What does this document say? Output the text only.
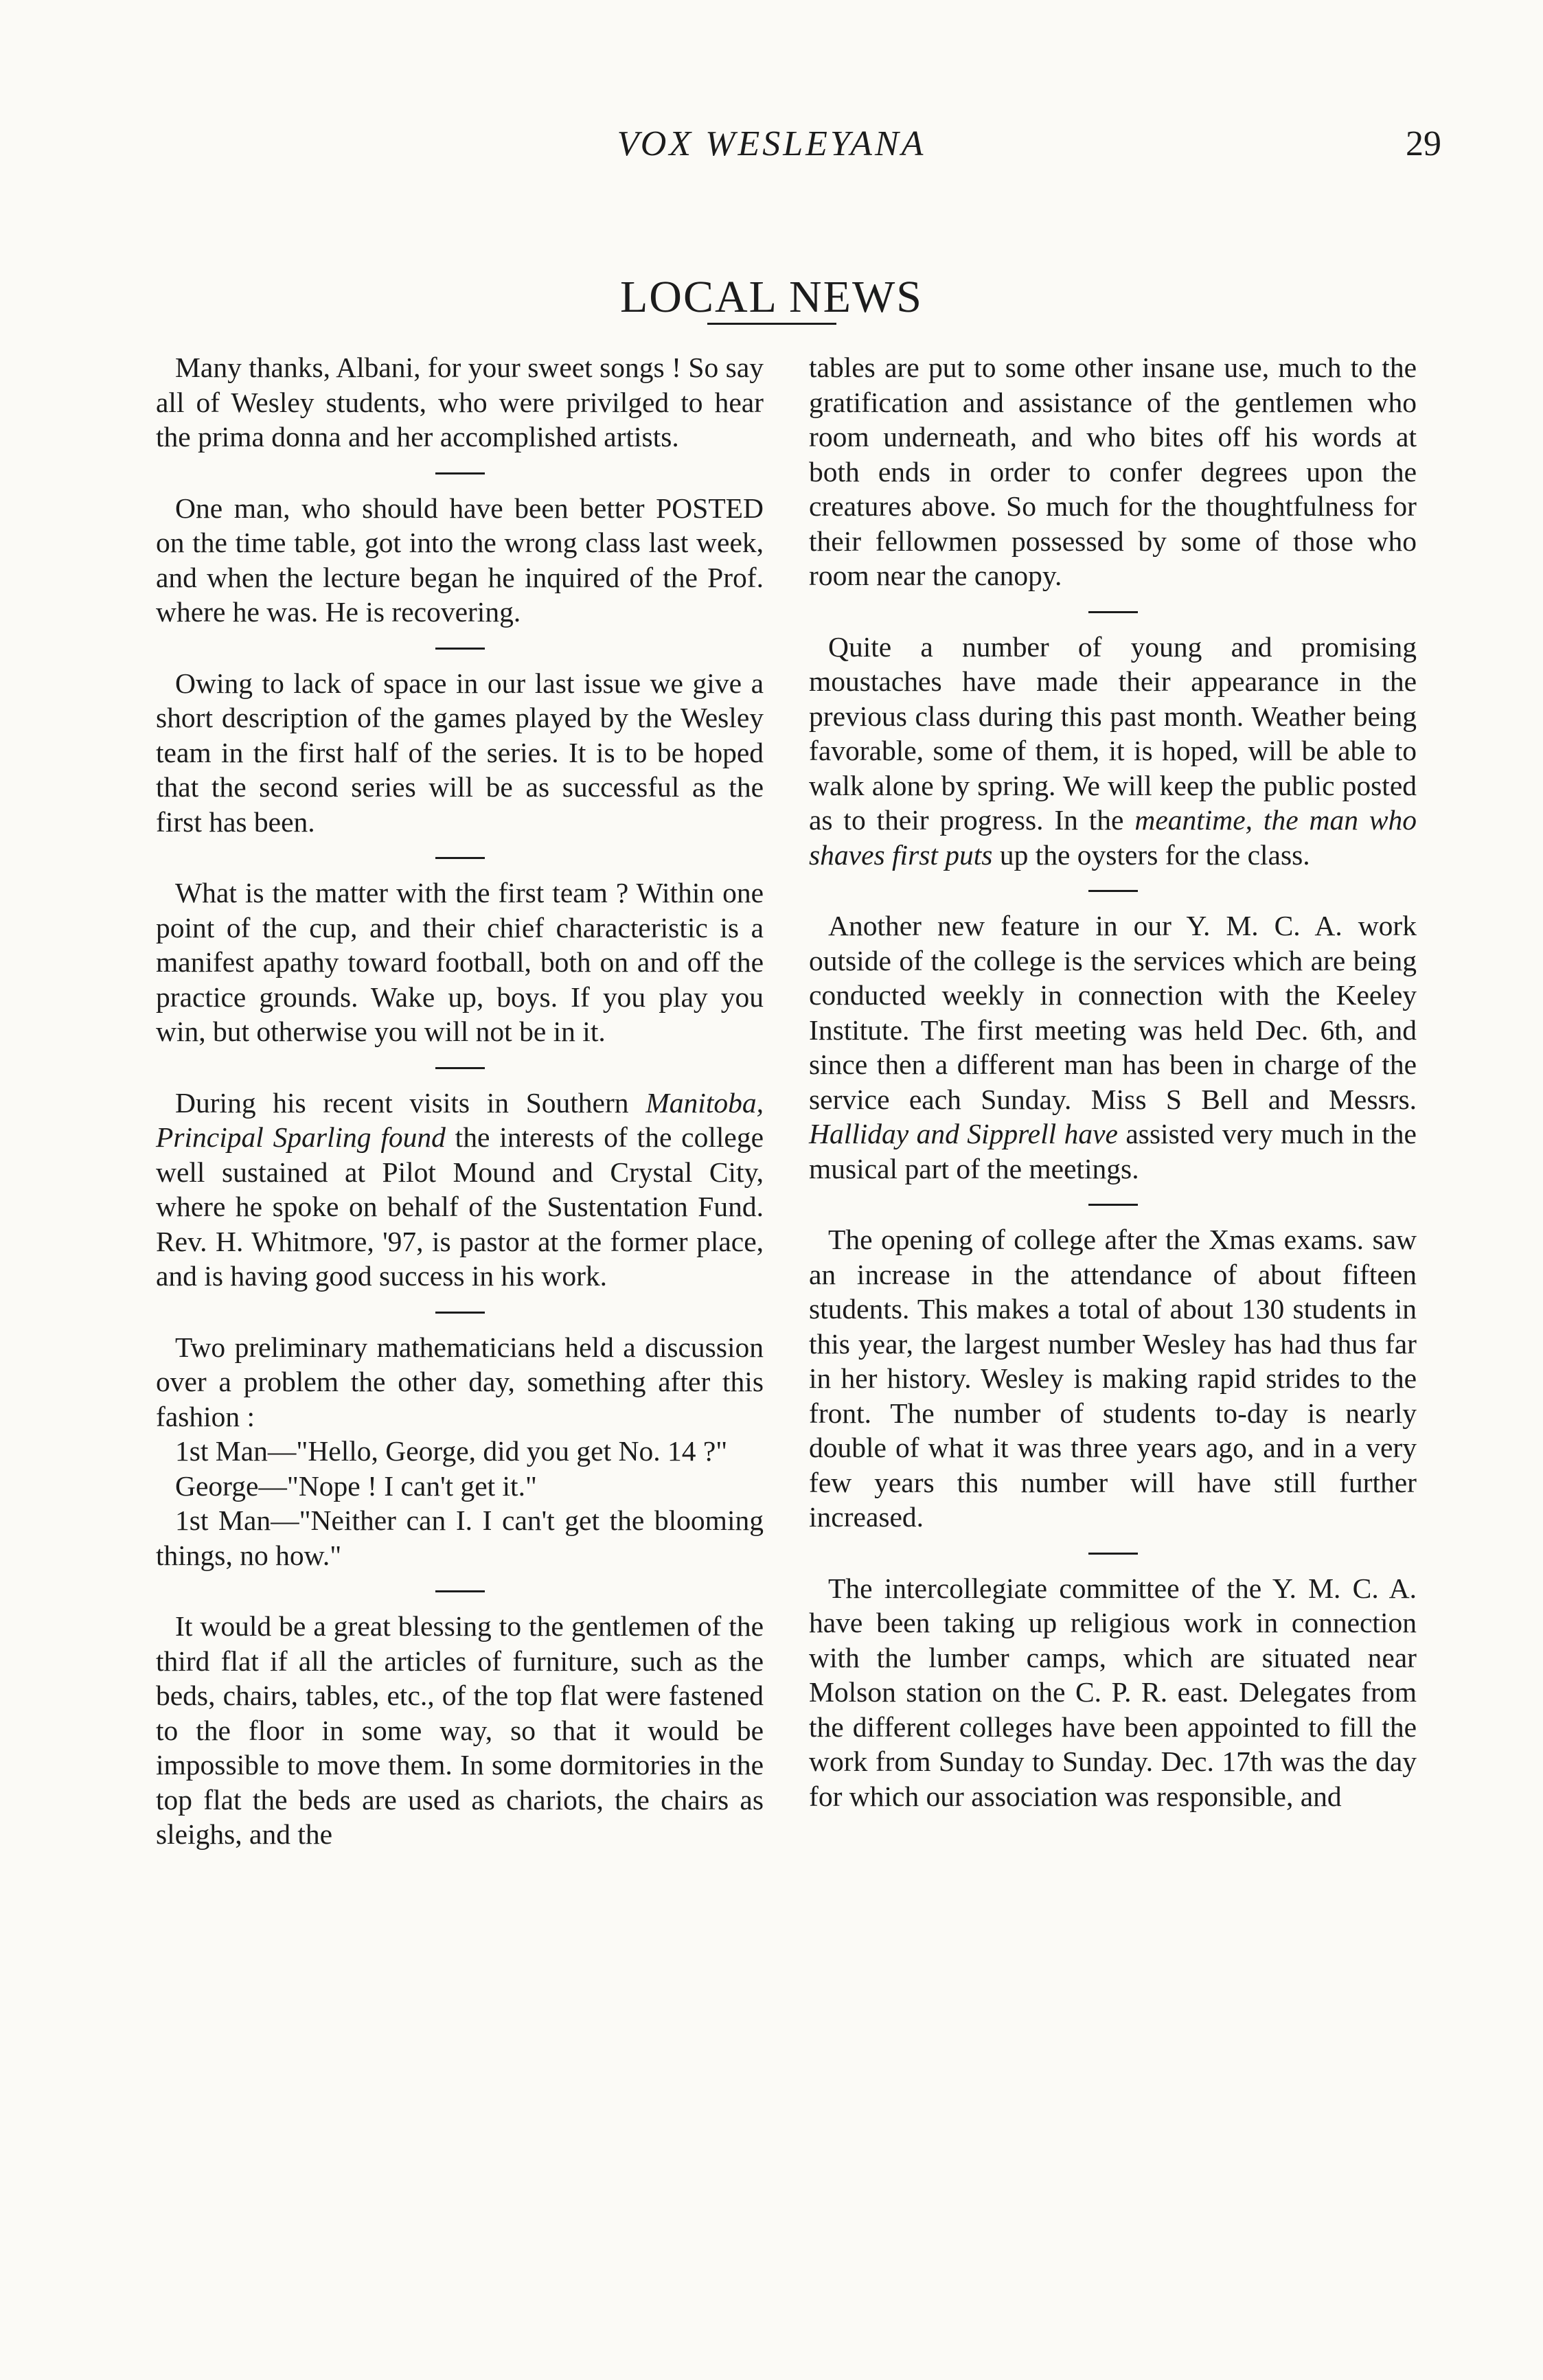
VOX WESLEYANA	29
LOCAL NEWS

Many thanks, Albani, for your sweet songs ! So say all of Wesley students, who were privilged to hear the prima donna and her accomplished artists.

One man, who should have been better POSTED on the time table, got into the wrong class last week, and when the lecture began he inquired of the Prof. where he was. He is recovering.

Owing to lack of space in our last issue we give a short description of the games played by the Wesley team in the first half of the series. It is to be hoped that the second series will be as successful as the first has been.

What is the matter with the first team ? Within one point of the cup, and their chief characteristic is a manifest apathy toward football, both on and off the practice grounds. Wake up, boys. If you play you win, but otherwise you will not be in it.

During his recent visits in Southern Manitoba, Principal Sparling found the interests of the college well sustained at Pilot Mound and Crystal City, where he spoke on behalf of the Sustentation Fund. Rev. H. Whitmore, '97, is pastor at the former place, and is having good success in his work.

Two preliminary mathematicians held a discussion over a problem the other day, something after this fashion :

1st Man—"Hello, George, did you get No. 14 ?"

George—"Nope ! I can't get it."

1st Man—"Neither can I. I can't get the blooming things, no how."

It would be a great blessing to the gentlemen of the third flat if all the articles of furniture, such as the beds, chairs, tables, etc., of the top flat were fastened to the floor in some way, so that it would be impossible to move them. In some dormitories in the top flat the beds are used as chariots, the chairs as sleighs, and the

tables are put to some other insane use, much to the gratification and assistance of the gentlemen who room underneath, and who bites off his words at both ends in order to confer degrees upon the creatures above. So much for the thoughtfulness for their fellowmen possessed by some of those who room near the canopy.

Quite a number of young and promising moustaches have made their appearance in the previous class during this past month. Weather being favorable, some of them, it is hoped, will be able to walk alone by spring. We will keep the public posted as to their progress. In the meantime, the man who shaves first puts up the oysters for the class.

Another new feature in our Y. M. C. A. work outside of the college is the services which are being conducted weekly in connection with the Keeley Institute. The first meeting was held Dec. 6th, and since then a different man has been in charge of the service each Sunday. Miss S Bell and Messrs. Halliday and Sipprell have assisted very much in the musical part of the meetings.

The opening of college after the Xmas exams. saw an increase in the attendance of about fifteen students. This makes a total of about 130 students in this year, the largest number Wesley has had thus far in her history. Wesley is making rapid strides to the front. The number of students to-day is nearly double of what it was three years ago, and in a very few years this number will have still further increased.

The intercollegiate committee of the Y. M. C. A. have been taking up religious work in connection with the lumber camps, which are situated near Molson station on the C. P. R. east. Delegates from the different colleges have been appointed to fill the work from Sunday to Sunday. Dec. 17th was the day for which our association was responsible, and
